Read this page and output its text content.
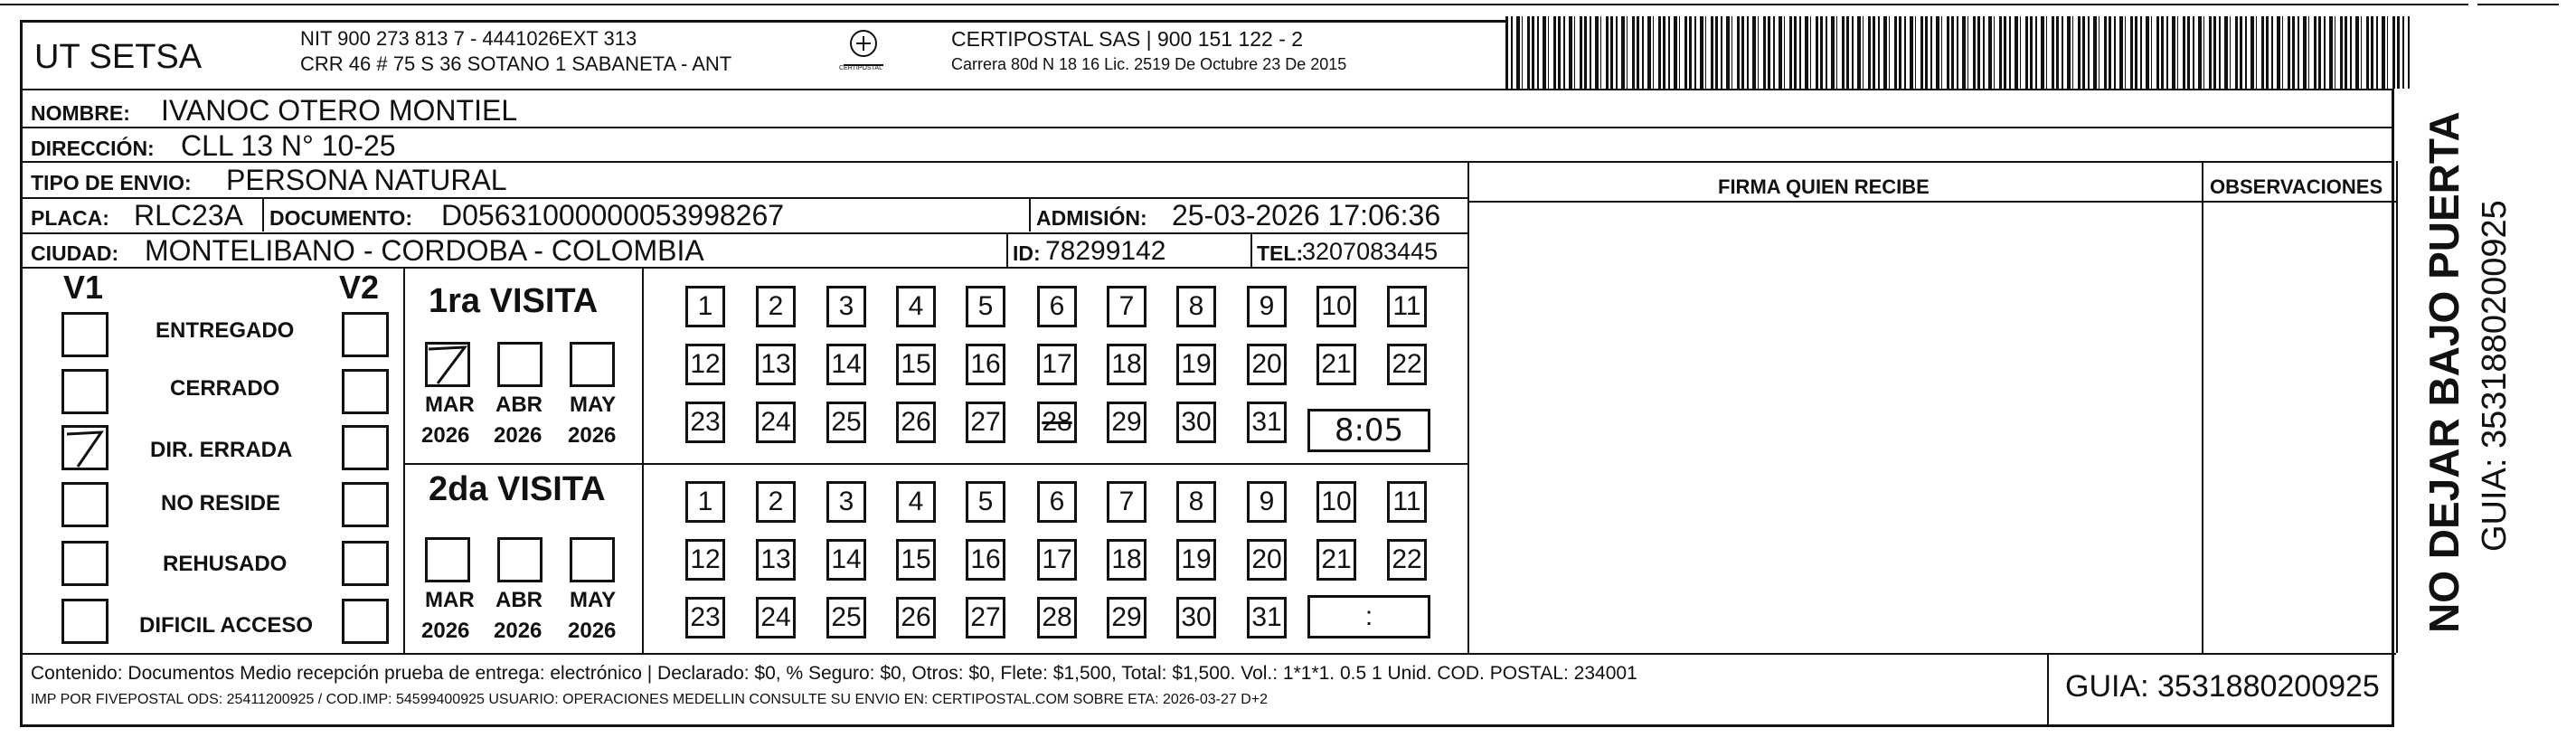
UT SETSA	NIT 900 273 813 7 - 4441026EXT 313
CRR 46 # 75 S 36 SOTANO 1 SABANETA - ANT	CERTIPOSTAL
CERTIPOSTAL SAS | 900 151 122 - 2
Carrera 80d N 18 16 Lic. 2519 De Octubre 23 De 2015
NOMBRE: IVANOC OTERO MONTIEL
DIRECCIÓN: CLL 13 N° 10-25
TIPO DE ENVIO: PERSONA NATURAL
PLACA: RLC23A DOCUMENTO: D05631000000053998267	ADMISIÓN: 25-03-2026 17:06:36
CIUDAD: MONTELIBANO - CORDOBA - COLOMBIA	ID: 78299142	TEL:
3207083445
FIRMA QUIEN RECIBE	OBSERVACIONES
V1	V2
ENTREGADO
CERRADO
DIR. ERRADA
NO RESIDE
REHUSADO
DIFICIL ACCESO
1ra VISITA
MAR ABR MAY
2026 2026 2026
1	2	3	4	5	6	7	8	9	10 11
12 13 14 15 16 17 18 19 20 21 22
23 24 25 26 27 28 29 30 31	8:05
2da VISITA
MAR ABR MAY
2026 2026 2026
1	2	3	4	5	6	7	8	9	10 11
12 13 14 15 16 17 18 19 20 21 22
23 24 25 26 27 28 29 30 31	:
Contenido: Documentos Medio recepción prueba de entrega: electrónico | Declarado: $0, % Seguro: $0, Otros: $0, Flete: $1,500, Total: $1,500. Vol.: 1*1*1. 0.5 1 Unid. COD. POSTAL: 234001
IMP POR FIVEPOSTAL ODS: 25411200925 / COD.IMP: 54599400925 USUARIO: OPERACIONES MEDELLIN CONSULTE SU ENVIO EN: CERTIPOSTAL.COM SOBRE ETA: 2026-03-27 D+2	GUIA: 3531880200925
NO DEJAR BAJO PUERTA GUIA: 3531880200925
